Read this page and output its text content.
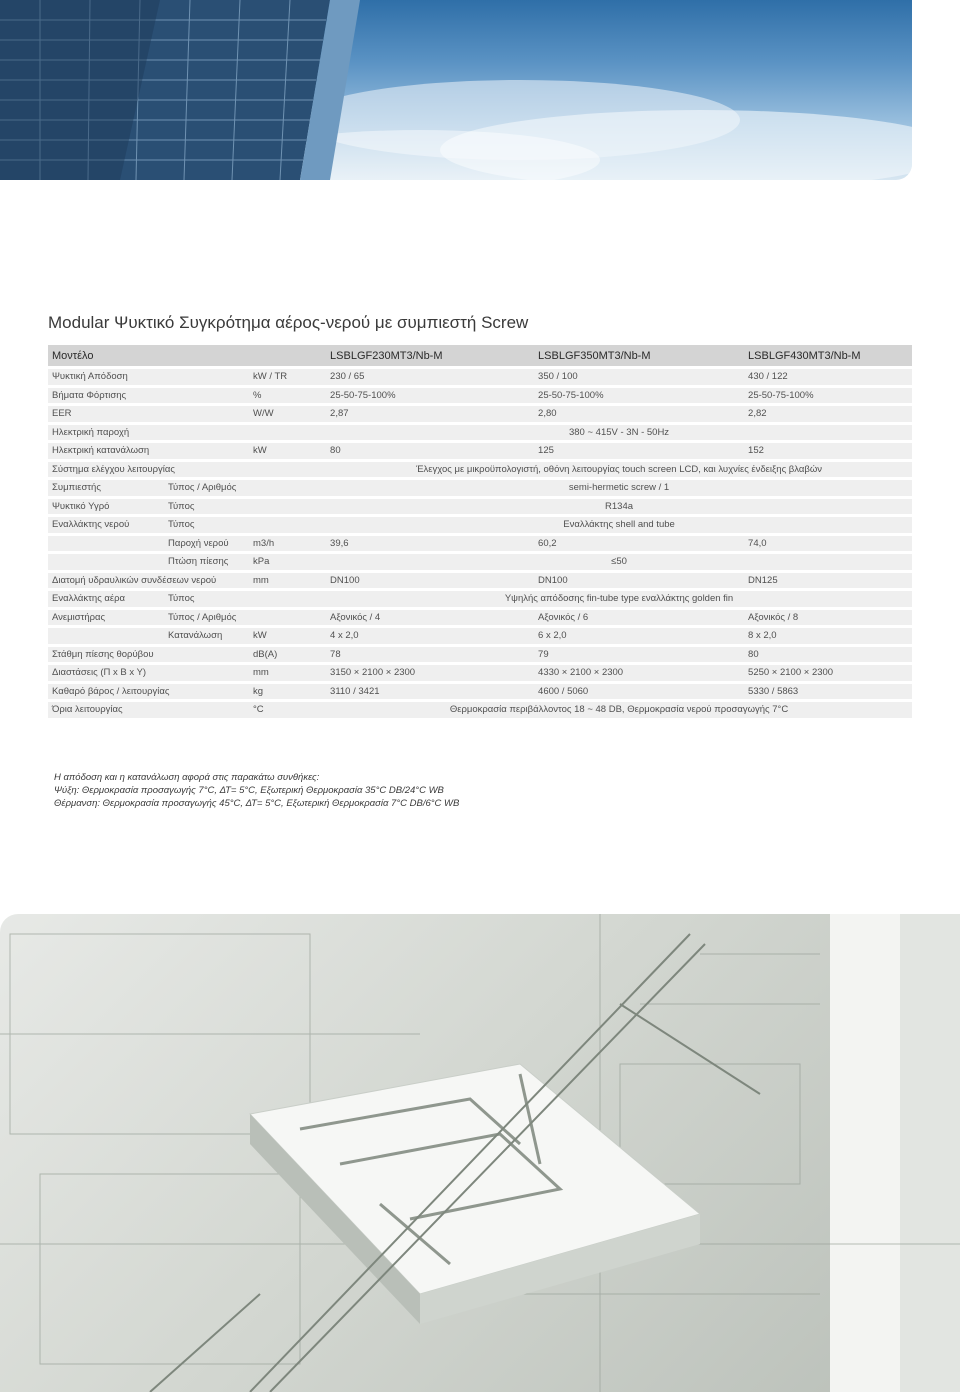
Modular Ψυκτικό Συγκρότημα αέρος-νερού με συμπιεστή Screw
Μοντέλο			LSBLGF230MT3/Nb-M	LSBLGF350MT3/Nb-M	LSBLGF430MT3/Nb-M
Ψυκτική Απόδοση		kW / TR	230 / 65	350 / 100	430 / 122
Βήματα Φόρτισης		%	25-50-75-100%	25-50-75-100%	25-50-75-100%
EER		W/W	2,87	2,80	2,82
Ηλεκτρική παροχή			380 ~ 415V - 3N - 50Hz		
Ηλεκτρική κατανάλωση		kW	80	125	152
Σύστημα ελέγχου λειτουργίας			Έλεγχος με μικροϋπολογιστή, οθόνη λειτουργίας touch screen LCD, και λυχνίες ένδειξης βλαβών		
Συμπιεστής	Τύπος / Αριθμός		semi-hermetic screw / 1		
Ψυκτικό Υγρό	Τύπος		R134a		
Εναλλάκτης νερού	Τύπος		Εναλλάκτης shell and tube		
	Παροχή νερού	m3/h	39,6	60,2	74,0
	Πτώση πίεσης	kPa	≤50		
Διατομή υδραυλικών συνδέσεων νερού		mm	DN100	DN100	DN125
Εναλλάκτης αέρα	Τύπος		Υψηλής απόδοσης fin-tube type εναλλάκτης golden fin		
Ανεμιστήρας	Τύπος / Αριθμός		Αξονικός / 4	Αξονικός / 6	Αξονικός / 8
	Κατανάλωση	kW	4 x 2,0	6 x 2,0	8 x 2,0
Στάθμη πίεσης θορύβου		dB(A)	78	79	80
Διαστάσεις (Π x B x Y)		mm	3150 × 2100 × 2300	4330 × 2100 × 2300	5250 × 2100 × 2300
Καθαρό βάρος / λειτουργίας		kg	3110 / 3421	4600 / 5060	5330 / 5863
Όρια λειτουργίας		°C	Θερμοκρασία περιβάλλοντος 18 ~ 48 DB, Θερμοκρασία νερού προσαγωγής 7°C		
Η απόδοση και η κατανάλωση αφορά στις παρακάτω συνθήκες:
Ψύξη: Θερμοκρασία προσαγωγής 7°C, ΔΤ= 5°C, Εξωτερική Θερμοκρασία 35°C DB/24°C WB
Θέρμανση: Θερμοκρασία προσαγωγής 45°C, ΔΤ= 5°C, Εξωτερική Θερμοκρασία 7°C DB/6°C WB
